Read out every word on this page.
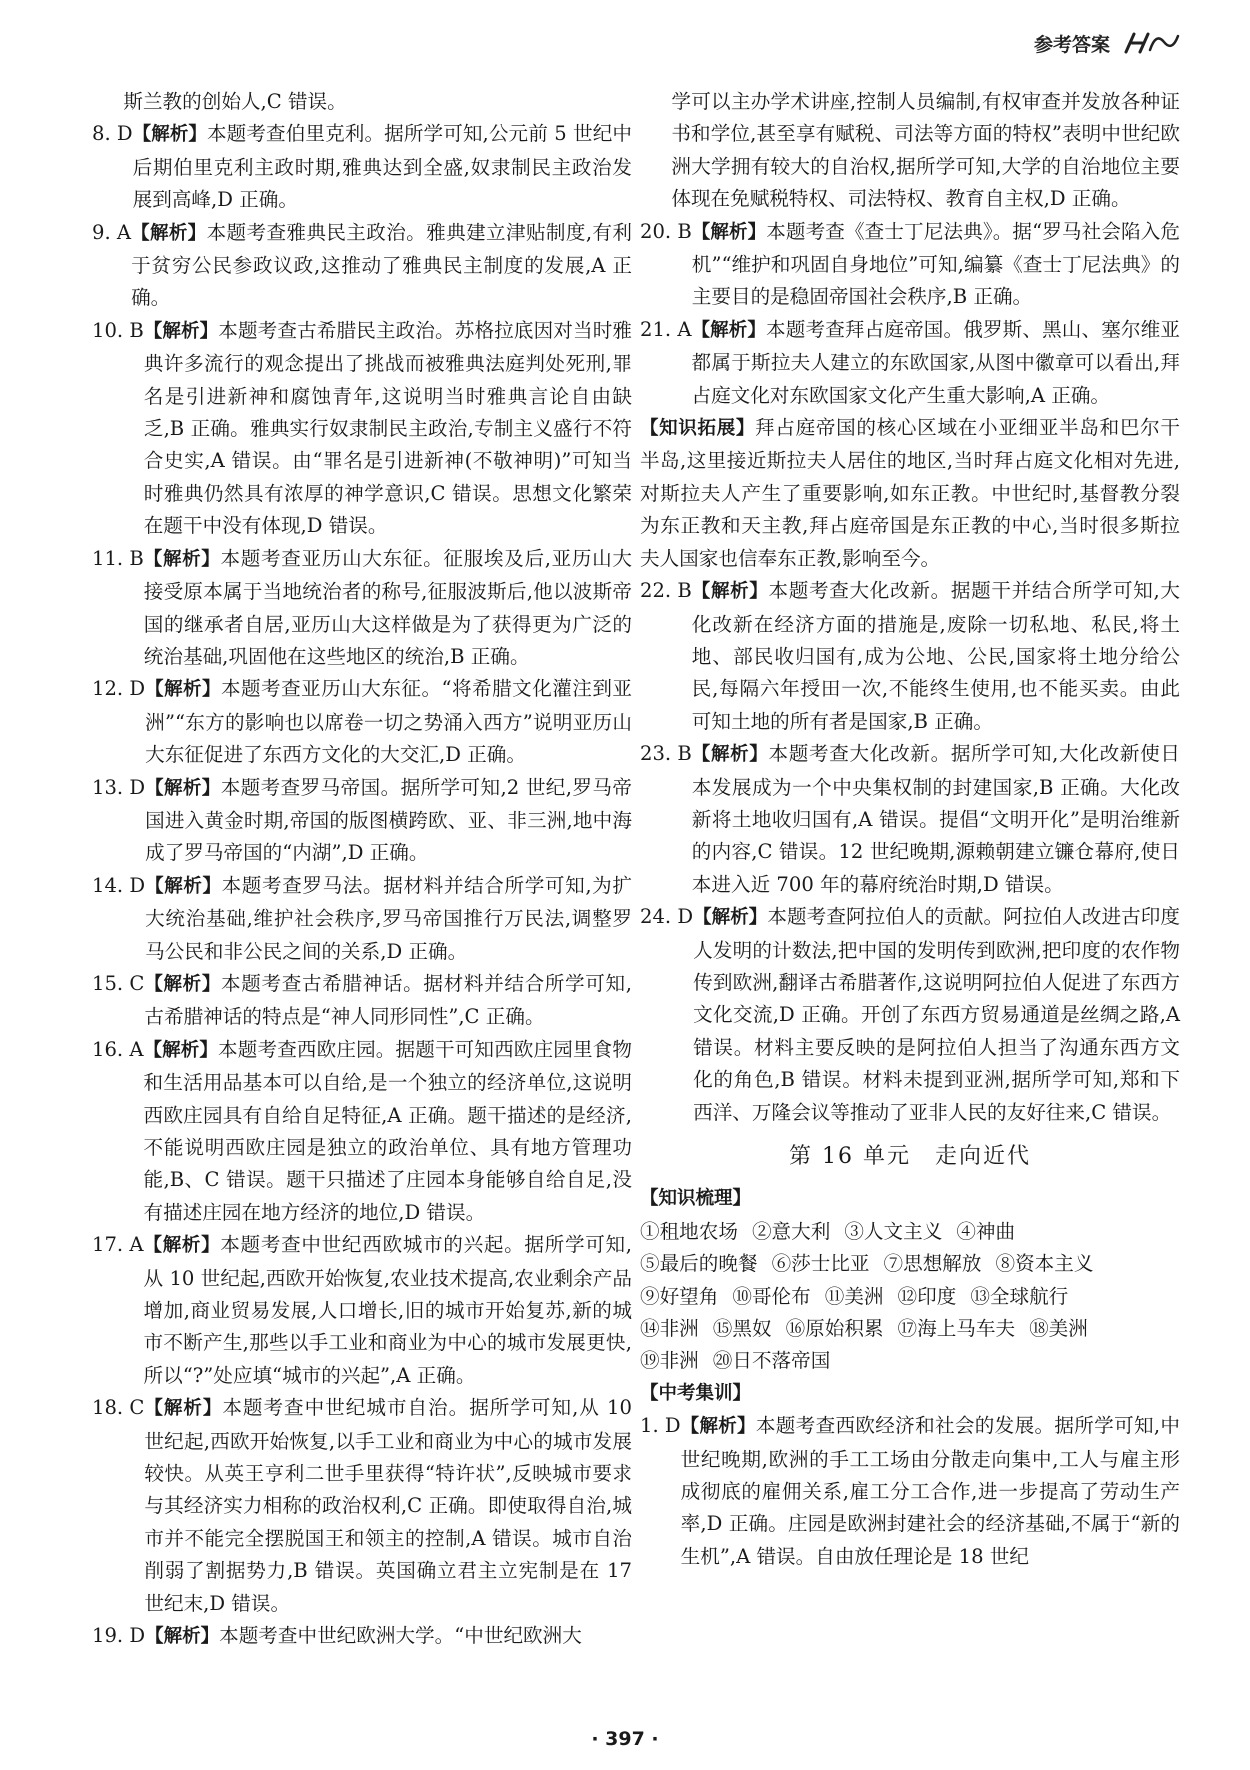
参考答案

斯兰教的创始人,C 错误。

8. D 【解析】本题考查伯里克利。据所学可知,公元前 5 世纪中后期伯里克利主政时期,雅典达到全盛,奴隶制民主政治发展到高峰,D 正确。
9. A 【解析】本题考查雅典民主政治。雅典建立津贴制度,有利于贫穷公民参政议政,这推动了雅典民主制度的发展,A 正确。
10. B 【解析】本题考查古希腊民主政治。苏格拉底因对当时雅典许多流行的观念提出了挑战而被雅典法庭判处死刑,罪名是引进新神和腐蚀青年,这说明当时雅典言论自由缺乏,B 正确。雅典实行奴隶制民主政治,专制主义盛行不符合史实,A 错误。由“罪名是引进新神(不敬神明)”可知当时雅典仍然具有浓厚的神学意识,C 错误。思想文化繁荣在题干中没有体现,D 错误。
11. B 【解析】本题考查亚历山大东征。征服埃及后,亚历山大接受原本属于当地统治者的称号,征服波斯后,他以波斯帝国的继承者自居,亚历山大这样做是为了获得更为广泛的统治基础,巩固他在这些地区的统治,B 正确。
12. D 【解析】本题考查亚历山大东征。“将希腊文化灌注到亚洲”“东方的影响也以席卷一切之势涌入西方”说明亚历山大东征促进了东西方文化的大交汇,D 正确。
13. D 【解析】本题考查罗马帝国。据所学可知,2 世纪,罗马帝国进入黄金时期,帝国的版图横跨欧、亚、非三洲,地中海成了罗马帝国的“内湖”,D 正确。
14. D 【解析】本题考查罗马法。据材料并结合所学可知,为扩大统治基础,维护社会秩序,罗马帝国推行万民法,调整罗马公民和非公民之间的关系,D 正确。
15. C 【解析】本题考查古希腊神话。据材料并结合所学可知,古希腊神话的特点是“神人同形同性”,C 正确。
16. A 【解析】本题考查西欧庄园。据题干可知西欧庄园里食物和生活用品基本可以自给,是一个独立的经济单位,这说明西欧庄园具有自给自足特征,A 正确。题干描述的是经济,不能说明西欧庄园是独立的政治单位、具有地方管理功能,B、C 错误。题干只描述了庄园本身能够自给自足,没有描述庄园在地方经济的地位,D 错误。
17. A 【解析】本题考查中世纪西欧城市的兴起。据所学可知,从 10 世纪起,西欧开始恢复,农业技术提高,农业剩余产品增加,商业贸易发展,人口增长,旧的城市开始复苏,新的城市不断产生,那些以手工业和商业为中心的城市发展更快,所以“?”处应填“城市的兴起”,A 正确。
18. C 【解析】本题考查中世纪城市自治。据所学可知,从 10 世纪起,西欧开始恢复,以手工业和商业为中心的城市发展较快。从英王亨利二世手里获得“特许状”,反映城市要求与其经济实力相称的政治权利,C 正确。即使取得自治,城市并不能完全摆脱国王和领主的控制,A 错误。城市自治削弱了割据势力,B 错误。英国确立君主立宪制是在 17 世纪末,D 错误。
19. D 【解析】本题考查中世纪欧洲大学。“中世纪欧洲大

学可以主办学术讲座,控制人员编制,有权审查并发放各种证书和学位,甚至享有赋税、司法等方面的特权”表明中世纪欧洲大学拥有较大的自治权,据所学可知,大学的自治地位主要体现在免赋税特权、司法特权、教育自主权,D 正确。

20. B 【解析】本题考查《查士丁尼法典》。据“罗马社会陷入危机”“维护和巩固自身地位”可知,编纂《查士丁尼法典》的主要目的是稳固帝国社会秩序,B 正确。
21. A 【解析】本题考查拜占庭帝国。俄罗斯、黑山、塞尔维亚都属于斯拉夫人建立的东欧国家,从图中徽章可以看出,拜占庭文化对东欧国家文化产生重大影响,A 正确。

【知识拓展】拜占庭帝国的核心区域在小亚细亚半岛和巴尔干半岛,这里接近斯拉夫人居住的地区,当时拜占庭文化相对先进,对斯拉夫人产生了重要影响,如东正教。中世纪时,基督教分裂为东正教和天主教,拜占庭帝国是东正教的中心,当时很多斯拉夫人国家也信奉东正教,影响至今。

22. B 【解析】本题考查大化改新。据题干并结合所学可知,大化改新在经济方面的措施是,废除一切私地、私民,将土地、部民收归国有,成为公地、公民,国家将土地分给公民,每隔六年授田一次,不能终生使用,也不能买卖。由此可知土地的所有者是国家,B 正确。
23. B 【解析】本题考查大化改新。据所学可知,大化改新使日本发展成为一个中央集权制的封建国家,B 正确。大化改新将土地收归国有,A 错误。提倡“文明开化”是明治维新的内容,C 错误。12 世纪晚期,源赖朝建立镰仓幕府,使日本进入近 700 年的幕府统治时期,D 错误。
24. D 【解析】本题考查阿拉伯人的贡献。阿拉伯人改进古印度人发明的计数法,把中国的发明传到欧洲,把印度的农作物传到欧洲,翻译古希腊著作,这说明阿拉伯人促进了东西方文化交流,D 正确。开创了东西方贸易通道是丝绸之路,A 错误。材料主要反映的是阿拉伯人担当了沟通东西方文化的角色,B 错误。材料未提到亚洲,据所学可知,郑和下西洋、万隆会议等推动了亚非人民的友好往来,C 错误。
第 16 单元　走向近代
【知识梳理】
①租地农场 ②意大利 ③人文主义 ④神曲
⑤最后的晚餐 ⑥莎士比亚 ⑦思想解放 ⑧资本主义
⑨好望角 ⑩哥伦布 ⑪美洲 ⑫印度 ⑬全球航行
⑭非洲 ⑮黑奴 ⑯原始积累 ⑰海上马车夫 ⑱美洲
⑲非洲 ⑳日不落帝国
【中考集训】
1. D 【解析】本题考查西欧经济和社会的发展。据所学可知,中世纪晚期,欧洲的手工工场由分散走向集中,工人与雇主形成彻底的雇佣关系,雇工分工合作,进一步提高了劳动生产率,D 正确。庄园是欧洲封建社会的经济基础,不属于“新的生机”,A 错误。自由放任理论是 18 世纪
· 397 ·
